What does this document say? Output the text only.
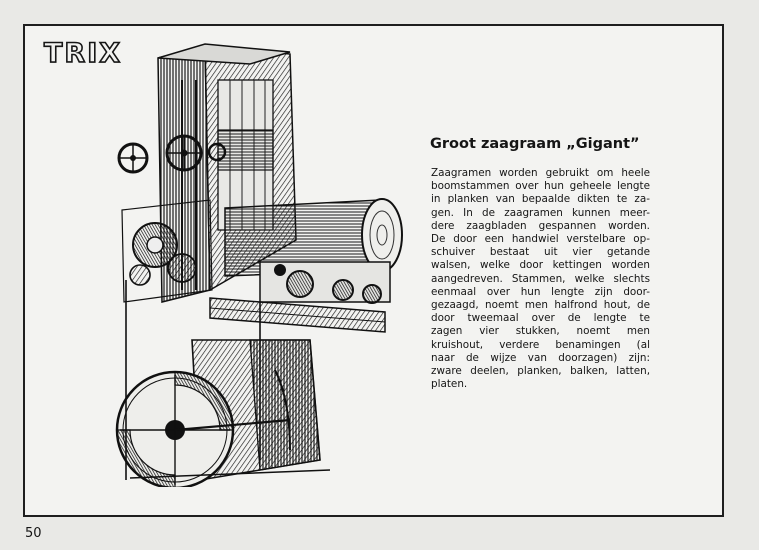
TRIX
Groot zaagraam „Gigant”
Zaagramen worden gebruikt om heele
boomstammen over hun geheele lengte
in planken van bepaalde dikten te za-
gen. In de zaagramen kunnen meer-
dere zaagbladen gespannen worden.
De door een handwiel verstelbare op-
schuiver bestaat uit vier getande
walsen, welke door kettingen worden
aangedreven. Stammen, welke slechts
eenmaal over hun lengte zijn door-
gezaagd, noemt men halfrond hout, de
door tweemaal over de lengte te
zagen vier stukken, noemt men
kruishout, verdere benamingen (al
naar de wijze van doorzagen) zijn:
zware deelen, planken, balken, latten,
platen.
50
